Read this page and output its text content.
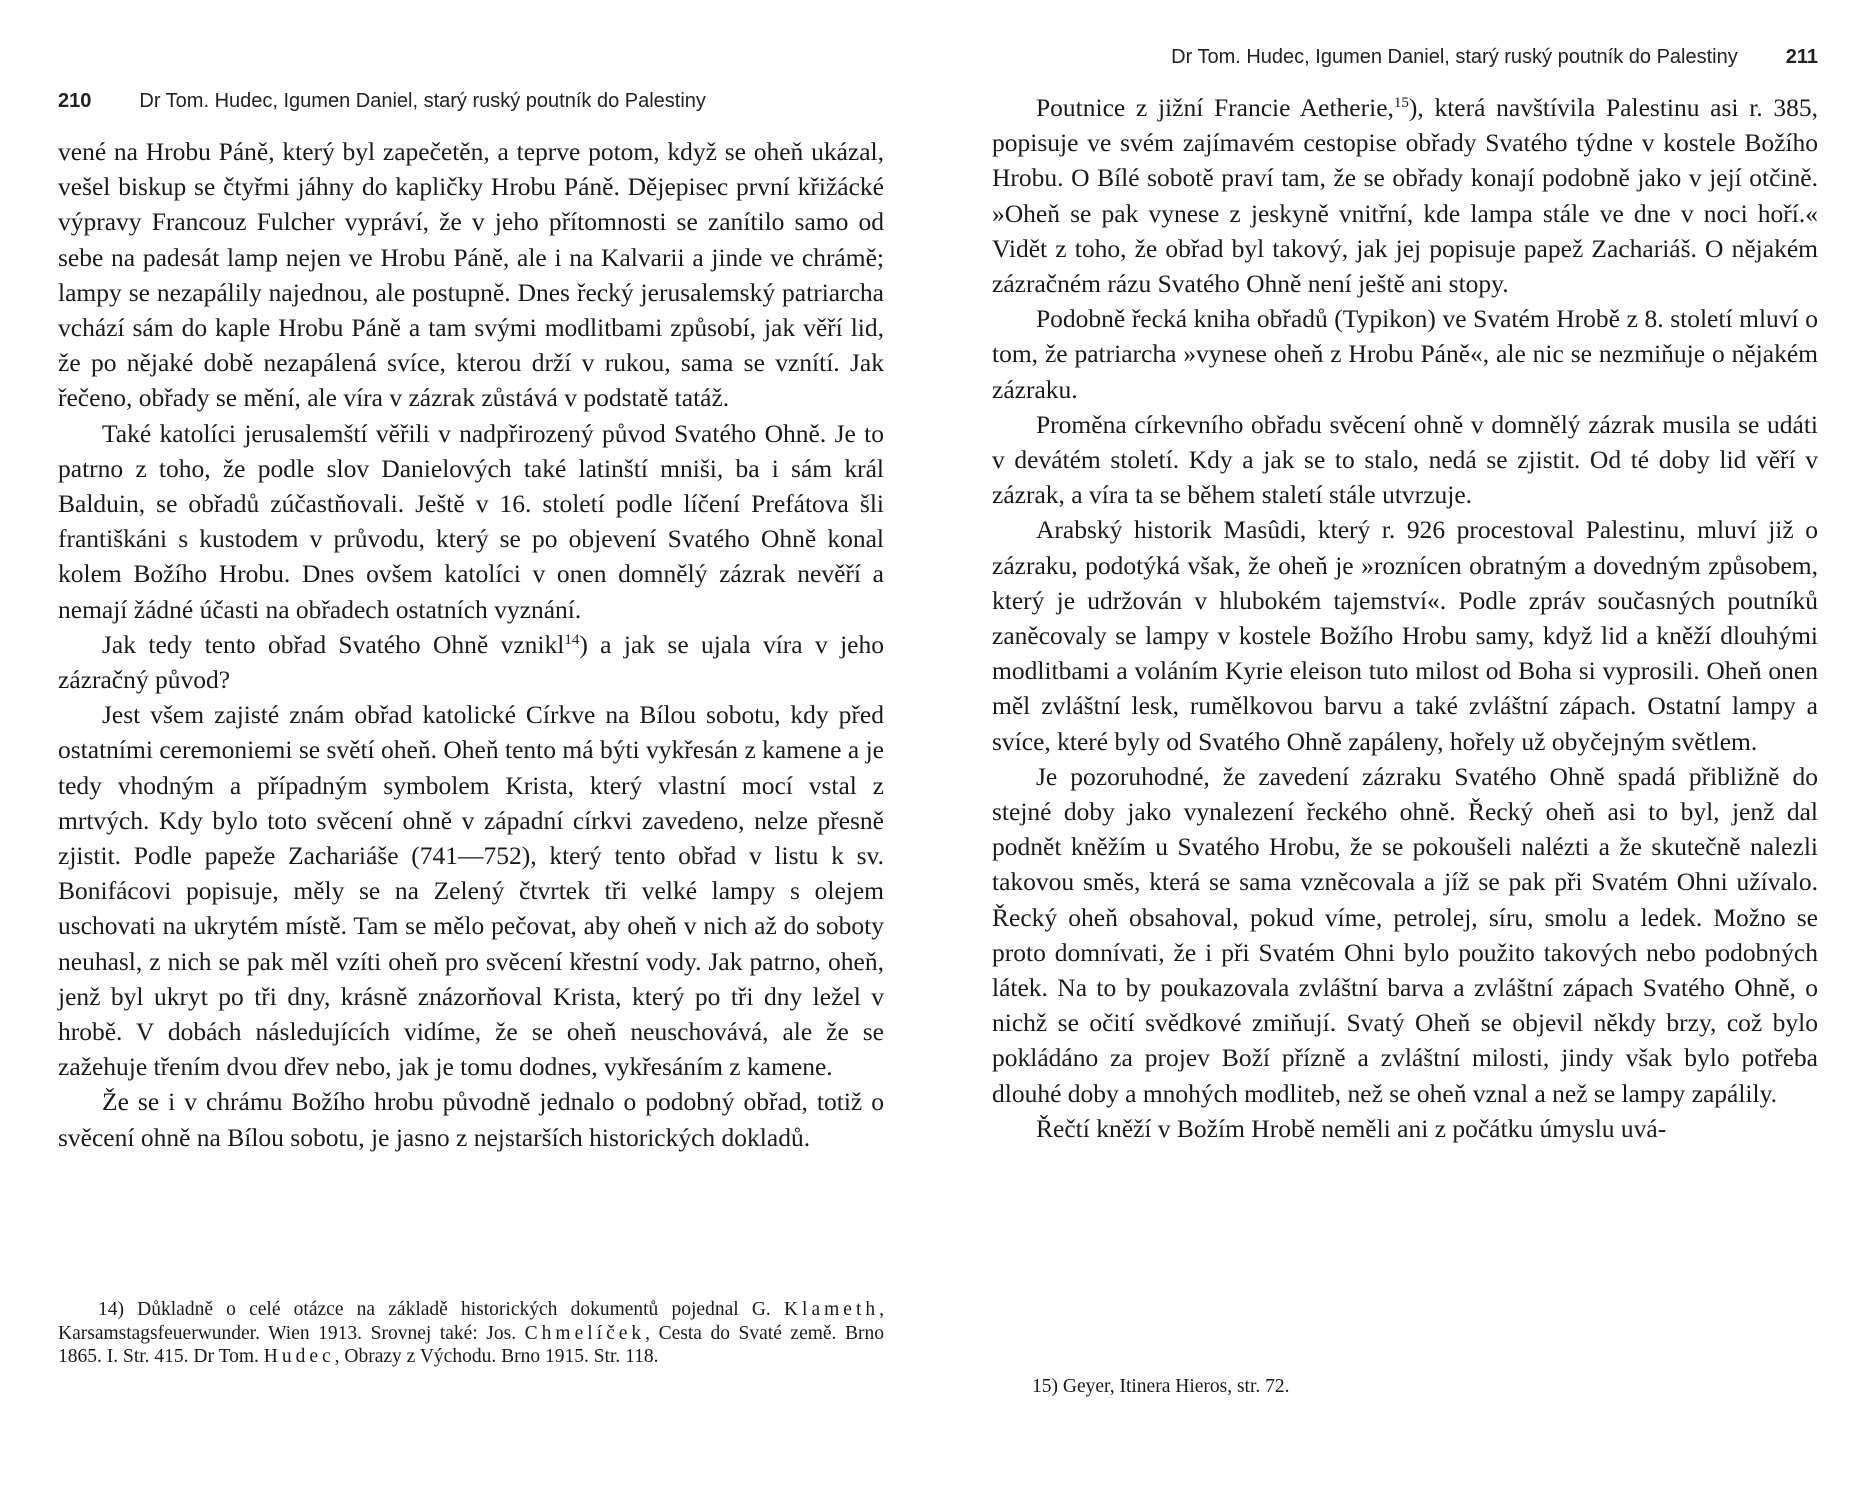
210 Dr Tom. Hudec, Igumen Daniel, starý ruský poutník do Palestiny

vené na Hrobu Páně, který byl zapečetěn, a teprve potom, když se oheň ukázal, vešel biskup se čtyřmi jáhny do kapličky Hrobu Páně. Dějepisec první křižácké výpravy Francouz Fulcher vypráví, že v jeho přítomnosti se zanítilo samo od sebe na padesát lamp nejen ve Hrobu Páně, ale i na Kalvarii a jinde ve chrámě; lampy se nezapálily najednou, ale postupně. Dnes řecký jerusalemský patriarcha vchází sám do kaple Hrobu Páně a tam svými modlitbami způsobí, jak věří lid, že po nějaké době nezapálená svíce, kterou drží v rukou, sama se vznítí. Jak řečeno, obřady se mění, ale víra v zázrak zůstává v podstatě tatáž.

Také katolíci jerusalemští věřili v nadpřirozený původ Svatého Ohně. Je to patrno z toho, že podle slov Danielových také latinští mniši, ba i sám král Balduin, se obřadů zúčastňovali. Ještě v 16. století podle líčení Prefátova šli františkáni s kustodem v průvodu, který se po objevení Svatého Ohně konal kolem Božího Hrobu. Dnes ovšem katolíci v onen domnělý zázrak nevěří a nemají žádné účasti na obřadech ostatních vyznání.

Jak tedy tento obřad Svatého Ohně vznikl$^{14}$) a jak se ujala víra v jeho zázračný původ?

Jest všem zajisté znám obřad katolické Církve na Bílou sobotu, kdy před ostatními ceremoniemi se světí oheň. Oheň tento má býti vykřesán z kamene a je tedy vhodným a případným symbolem Krista, který vlastní mocí vstal z mrtvých. Kdy bylo toto svěcení ohně v západní církvi zavedeno, nelze přesně zjistit. Podle papeže Zachariáše (741—752), který tento obřad v listu k sv. Bonifácovi popisuje, měly se na Zelený čtvrtek tři velké lampy s olejem uschovati na ukrytém místě. Tam se mělo pečovat, aby oheň v nich až do soboty neuhasl, z nich se pak měl vzíti oheň pro svěcení křestní vody. Jak patrno, oheň, jenž byl ukryt po tři dny, krásně znázorňoval Krista, který po tři dny ležel v hrobě. V dobách následujících vidíme, že se oheň neuschovává, ale že se zažehuje třením dvou dřev nebo, jak je tomu dodnes, vykřesáním z kamene.

Že se i v chrámu Božího hrobu původně jednalo o podobný obřad, totiž o svěcení ohně na Bílou sobotu, je jasno z nejstarších historických dokladů.

14) Důkladně o celé otázce na základě historických dokumentů pojednal G. Klameth, Karsamstagsfeuerwunder. Wien 1913. Srovnej také: Jos. Chmelíček, Cesta do Svaté země. Brno 1865. I. Str. 415. Dr Tom. Hudec, Obrazy z Východu. Brno 1915. Str. 118.

Dr Tom. Hudec, Igumen Daniel, starý ruský poutník do Palestiny 211

Poutnice z jižní Francie Aetherie,$^{15}$), která navštívila Palestinu asi r. 385, popisuje ve svém zajímavém cestopise obřady Svatého týdne v kostele Božího Hrobu. O Bílé sobotě praví tam, že se obřady konají podobně jako v její otčině. »Oheň se pak vynese z jeskyně vnitřní, kde lampa stále ve dne v noci hoří.« Vidět z toho, že obřad byl takový, jak jej popisuje papež Zachariáš. O nějakém zázračném rázu Svatého Ohně není ještě ani stopy.

Podobně řecká kniha obřadů (Typikon) ve Svatém Hrobě z 8. století mluví o tom, že patriarcha »vynese oheň z Hrobu Páně«, ale nic se nezmiňuje o nějakém zázraku.

Proměna církevního obřadu svěcení ohně v domnělý zázrak musila se udáti v devátém století. Kdy a jak se to stalo, nedá se zjistit. Od té doby lid věří v zázrak, a víra ta se během staletí stále utvrzuje.

Arabský historik Masûdi, který r. 926 procestoval Palestinu, mluví již o zázraku, podotýká však, že oheň je »roznícen obratným a dovedným způsobem, který je udržován v hlubokém tajemství«. Podle zpráv současných poutníků zaněcovaly se lampy v kostele Božího Hrobu samy, když lid a kněží dlouhými modlitbami a voláním Kyrie eleison tuto milost od Boha si vyprosili. Oheň onen měl zvláštní lesk, rumělkovou barvu a také zvláštní zápach. Ostatní lampy a svíce, které byly od Svatého Ohně zapáleny, hořely už obyčejným světlem.

Je pozoruhodné, že zavedení zázraku Svatého Ohně spadá přibližně do stejné doby jako vynalezení řeckého ohně. Řecký oheň asi to byl, jenž dal podnět kněžím u Svatého Hrobu, že se pokoušeli nalézti a že skutečně nalezli takovou směs, která se sama vzněcovala a jíž se pak při Svatém Ohni užívalo. Řecký oheň obsahoval, pokud víme, petrolej, síru, smolu a ledek. Možno se proto domnívati, že i při Svatém Ohni bylo použito takových nebo podobných látek. Na to by poukazovala zvláštní barva a zvláštní zápach Svatého Ohně, o nichž se očití svědkové zmiňují. Svatý Oheň se objevil někdy brzy, což bylo pokládáno za projev Boží přízně a zvláštní milosti, jindy však bylo potřeba dlouhé doby a mnohých modliteb, než se oheň vznal a než se lampy zapálily.

Řečtí kněží v Božím Hrobě neměli ani z počátku úmyslu uvá-

15) Geyer, Itinera Hieros, str. 72.
